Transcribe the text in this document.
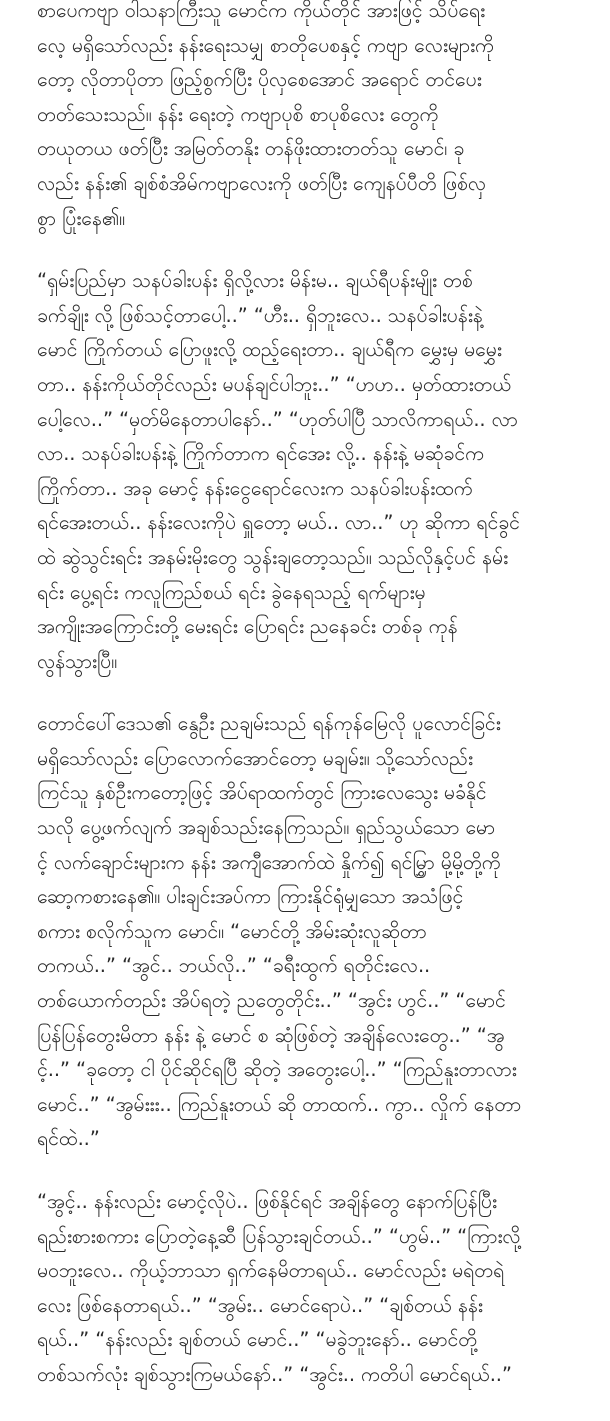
စာပေကဗျာ ဝါသနာကြီးသူ မောင်က ကိုယ်တိုင် အားဖြင့် သိပ်ရေး
လေ့ မရှိသော်လည်း နန်းရေးသမျှ စာတိုပေစနှင့် ကဗျာ လေးများကို
တော့ လိုတာပိုတာ ဖြည့်စွက်ပြီး ပိုလှစေအောင် အရောင် တင်ပေး
တတ်သေးသည်။ နန်း ရေးတဲ့ ကဗျာပုစိ စာပုစိလေး တွေကို
တယုတယ ဖတ်ပြီး အမြတ်တနိုး တန်ဖိုးထားတတ်သူ မောင်၊ ခု
လည်း နန်း၏ ချစ်စံအိမ်ကဗျာလေးကို ဖတ်ပြီး ကျေနပ်ပီတိ ဖြစ်လှ
စွာ ပြုံးနေ၏။
“ရှမ်းပြည်မှာ သနပ်ခါးပန်း ရှိလို့လား မိန်းမ.. ချယ်ရီပန်းမျိုး တစ်
ခက်ချိုး လို့ ဖြစ်သင့်တာပေါ့..” “ဟီး.. ရှိဘူးလေ.. သနပ်ခါးပန်းနဲ့
မောင် ကြိုက်တယ် ပြောဖူးလို့ ထည့်ရေးတာ.. ချယ်ရီက မွှေးမှ မမွှေး
တာ.. နန်းကိုယ်တိုင်လည်း မပန်ချင်ပါဘူး..” “ဟဟ.. မှတ်ထားတယ်
ပေါ့လေ..” “မှတ်မိနေတာပါနော်..” “ဟုတ်ပါပြီ သာလိကာရယ်.. လာ
လာ.. သနပ်ခါးပန်းနဲ့ ကြိုက်တာက ရင်အေး လို့.. နန်းနဲ့ မဆုံခင်က
ကြိုက်တာ.. အခု မောင့် နန်းငွေရောင်လေးက သနပ်ခါးပန်းထက်
ရင်အေးတယ်.. နန်းလေးကိုပဲ ရှူတော့ မယ်.. လာ..” ဟု ဆိုကာ ရင်ခွင်
ထဲ ဆွဲသွင်းရင်း အနမ်းမိုးတွေ သွန်းချတော့သည်။ သည်လိုနှင့်ပင် နမ်း
ရင်း ပွေ့ရင်း ကလူကြည်စယ် ရင်း ခွဲနေရသည့် ရက်များမှ
အကျိုးအကြောင်းတို့ မေးရင်း ပြောရင်း ညနေခင်း တစ်ခု ကုန်
လွန်သွားပြီ။
တောင်ပေါ်ဒေသ၏ နွေဦး ညချမ်းသည် ရန်ကုန်မြေလို ပူလောင်ခြင်း
မရှိသော်လည်း ပြောလောက်အောင်တော့ မချမ်း။ သို့သော်လည်း
ကြင်သူ နှစ်ဦးကတော့ဖြင့် အိပ်ရာထက်တွင် ကြားလေသွေး မခံနိုင်
သလို ပွေ့ဖက်လျက် အချစ်သည်းနေကြသည်။ ရှည်သွယ်သော မော
င့် လက်ချောင်းများက နန်း အကျီအောက်ထဲ နှိုက်၍ ရင်မြွှာ မို့မို့တို့ကို
ဆော့ကစားနေ၏။ ပါးချင်းအပ်ကာ ကြားနိုင်ရုံမျှသော အသံဖြင့်
စကား စလိုက်သူက မောင်။ “မောင်တို့ အိမ်းဆုံးလူဆိုတာ
တကယ်..” “အွင်.. ဘယ်လို..” “ခရီးထွက် ရတိုင်းလေ..
တစ်ယောက်တည်း အိပ်ရတဲ့ ညတွေတိုင်း..” “အွင်း ဟွင်..” “မောင်
ပြန်ပြန်တွေးမိတာ နန်း နဲ့ မောင် စ ဆုံဖြစ်တဲ့ အချိန်လေးတွေ..” “အွ
င့်..” “ခုတော့ ငါ ပိုင်ဆိုင်ရပြီ ဆိုတဲ့ အတွေးပေါ့..” “ကြည်နူးတာလား
မောင်..” “အွမ်းးး.. ကြည်နူးတယ် ဆို တာထက်.. ကွာ.. လှိုက် နေတာ
ရင်ထဲ..”
“အွင့်.. နန်းလည်း မောင့်လိုပဲ.. ဖြစ်နိုင်ရင် အချိန်တွေ နောက်ပြန်ပြီး
ရည်းစားစကား ပြောတဲ့နေ့ဆီ ပြန်သွားချင်တယ်..” “ဟွမ်..” “ကြားလို့
မဝဘူးလေ.. ကိုယ့်ဘာသာ ရှက်နေမိတာရယ်.. မောင်လည်း မရဲတရဲ
လေး ဖြစ်နေတာရယ်..” “အွမ်း.. မောင်ရောပဲ..” “ချစ်တယ် နန်း
ရယ်..” “နန်းလည်း ချစ်တယ် မောင်..” “မခွဲဘူးနော်.. မောင်တို့
တစ်သက်လုံး ချစ်သွားကြမယ်နော်..” “အွင်း.. ကတိပါ မောင်ရယ်..”
